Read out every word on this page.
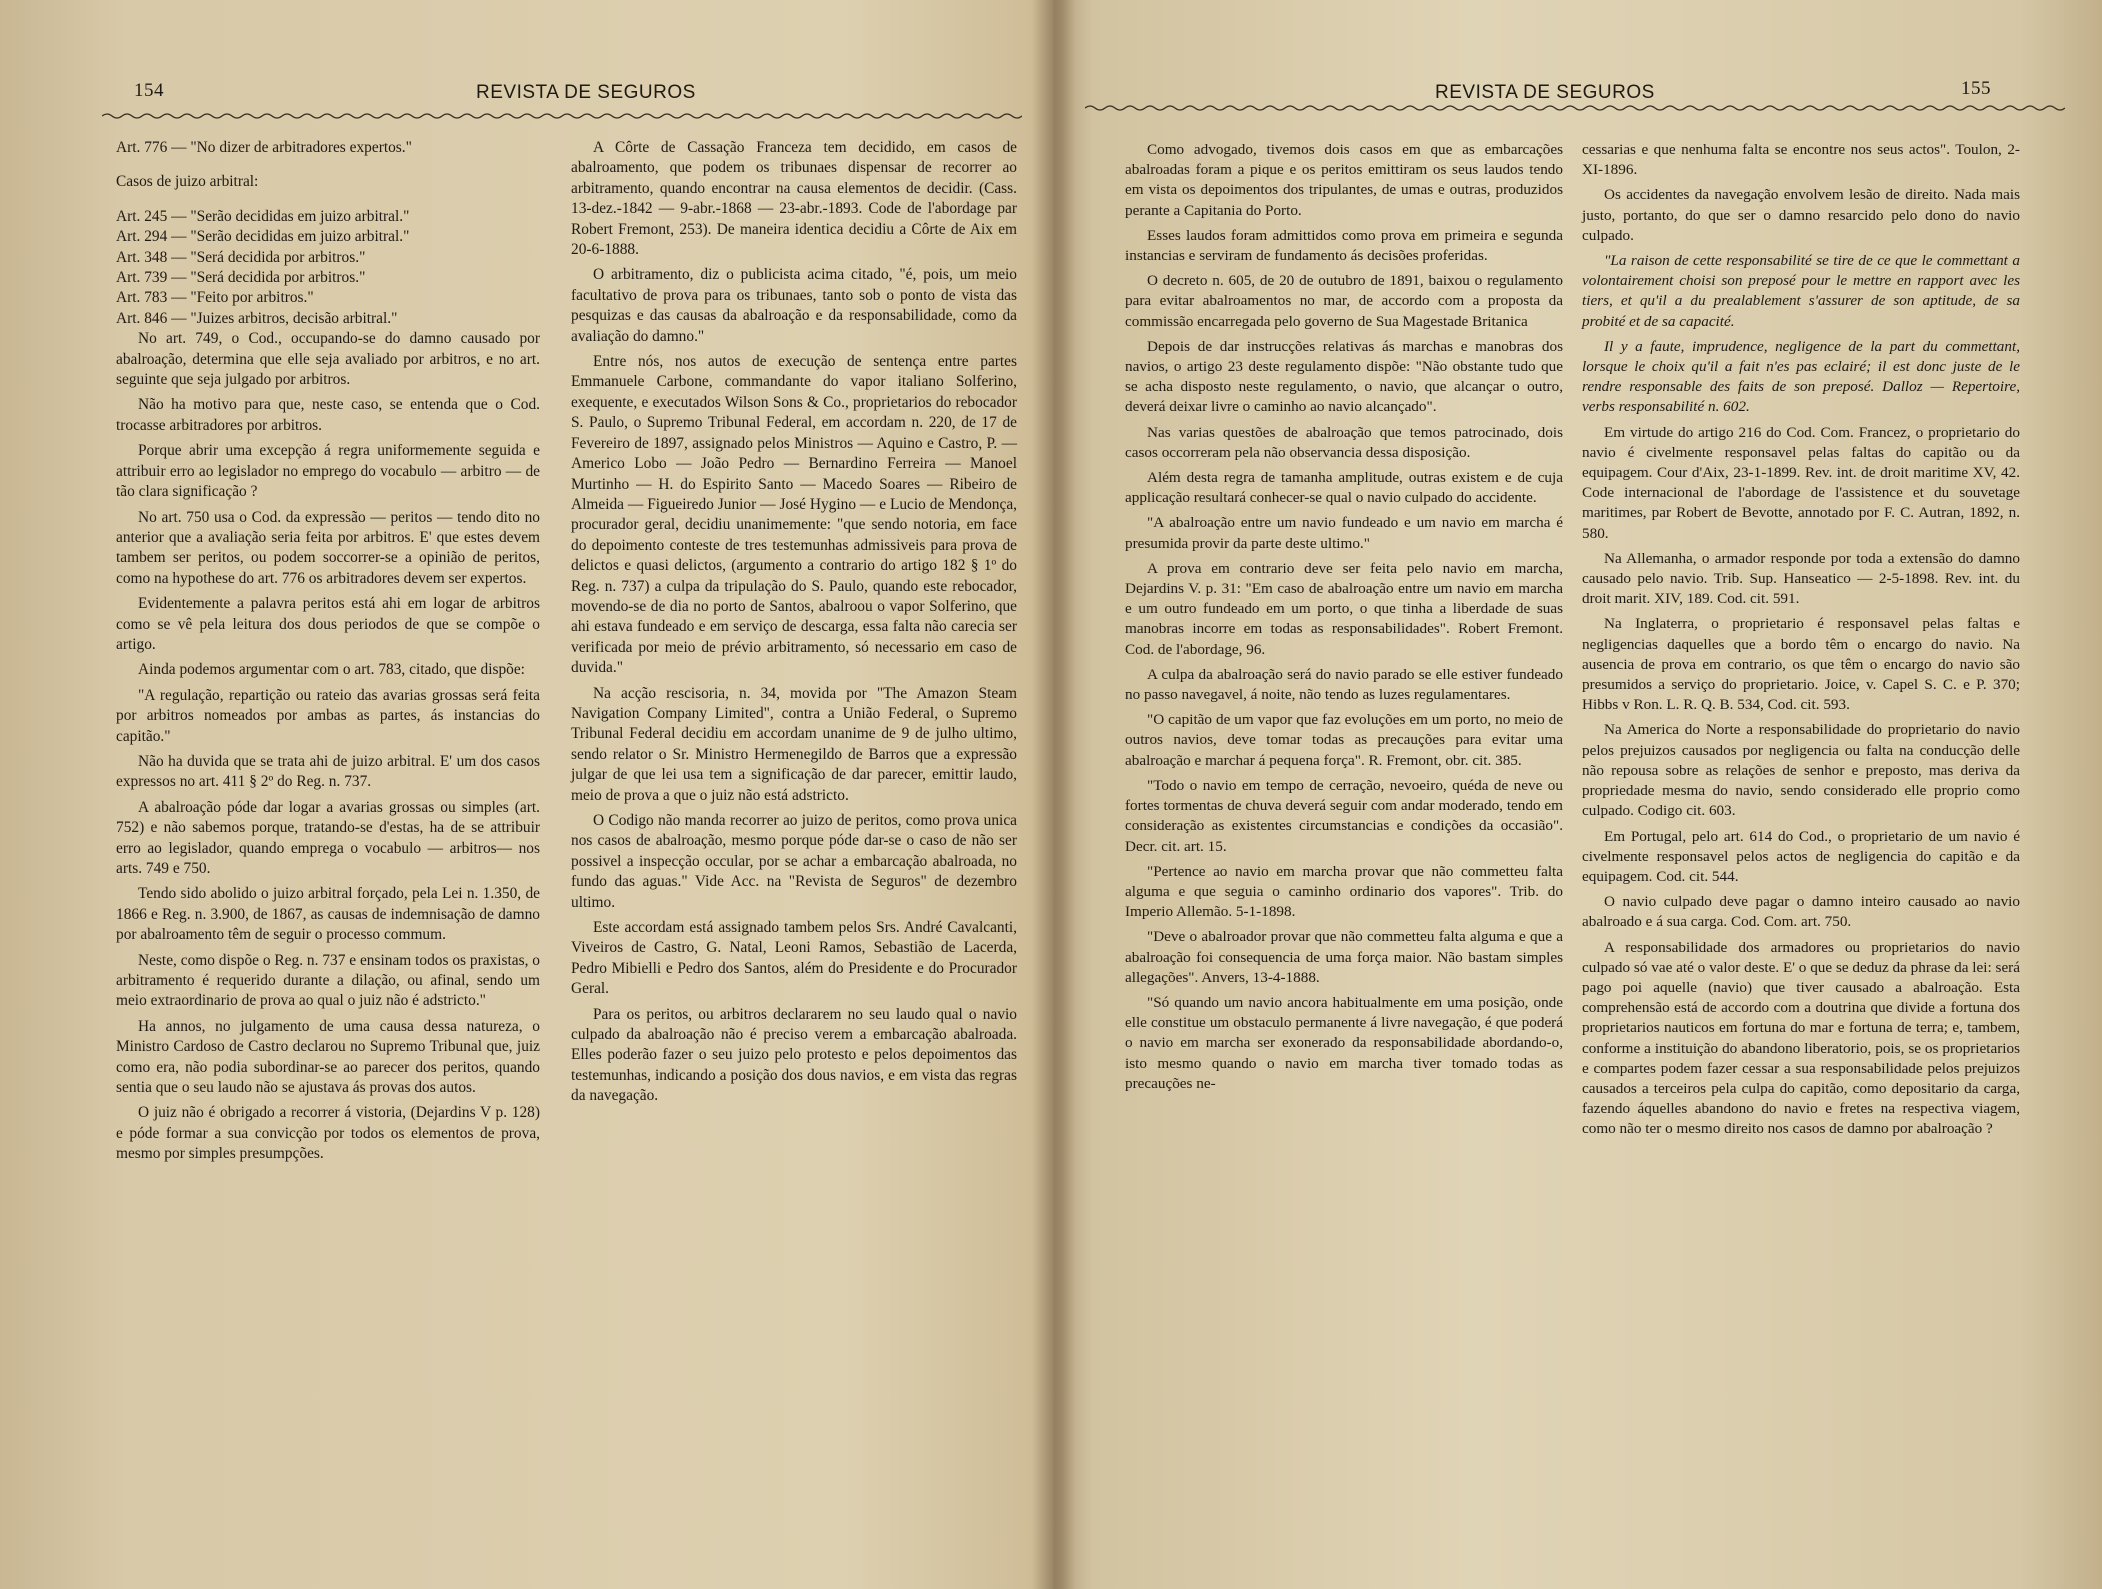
154	REVISTA DE SEGUROS

Art. 776 — "No dizer de arbitradores expertos."

Casos de juizo arbitral:

Art. 245 — "Serão decididas em juizo arbitral."

Art. 294 — "Serão decididas em juizo arbitral."

Art. 348 — "Será decidida por arbitros."

Art. 739 — "Será decidida por arbitros."

Art. 783 — "Feito por arbitros."

Art. 846 — "Juizes arbitros, decisão arbitral."

No art. 749, o Cod., occupando-se do damno causado por abalroação, determina que elle seja avaliado por arbitros, e no art. seguinte que seja julgado por arbitros.

Não ha motivo para que, neste caso, se entenda que o Cod. trocasse arbitradores por arbitros.

Porque abrir uma excepção á regra uniformemente seguida e attribuir erro ao legislador no emprego do vocabulo — arbitro — de tão clara significação ?

No art. 750 usa o Cod. da expressão — peritos — tendo dito no anterior que a avaliação seria feita por arbitros. E' que estes devem tambem ser peritos, ou podem soccorrer-se a opinião de peritos, como na hypothese do art. 776 os arbitradores devem ser expertos.

Evidentemente a palavra peritos está ahi em logar de arbitros como se vê pela leitura dos dous periodos de que se compõe o artigo.

Ainda podemos argumentar com o art. 783, citado, que dispõe:

"A regulação, repartição ou rateio das avarias grossas será feita por arbitros nomeados por ambas as partes, ás instancias do capitão."

Não ha duvida que se trata ahi de juizo arbitral. E' um dos casos expressos no art. 411 § 2º do Reg. n. 737.

A abalroação póde dar logar a avarias grossas ou simples (art. 752) e não sabemos porque, tratando-se d'estas, ha de se attribuir erro ao legislador, quando emprega o vocabulo — arbitros— nos arts. 749 e 750.

Tendo sido abolido o juizo arbitral forçado, pela Lei n. 1.350, de 1866 e Reg. n. 3.900, de 1867, as causas de indemnisação de damno por abalroamento têm de seguir o processo commum.

Neste, como dispõe o Reg. n. 737 e ensinam todos os praxistas, o arbitramento é requerido durante a dilação, ou afinal, sendo um meio extraordinario de prova ao qual o juiz não é adstricto."

Ha annos, no julgamento de uma causa dessa natureza, o Ministro Cardoso de Castro declarou no Supremo Tribunal que, juiz como era, não podia subordinar-se ao parecer dos peritos, quando sentia que o seu laudo não se ajustava ás provas dos autos.

O juiz não é obrigado a recorrer á vistoria, (Dejardins V p. 128) e póde formar a sua convicção por todos os elementos de prova, mesmo por simples presumpções.

A Côrte de Cassação Franceza tem decidido, em casos de abalroamento, que podem os tribunaes dispensar de recorrer ao arbitramento, quando encontrar na causa elementos de decidir. (Cass. 13-dez.-1842 — 9-abr.-1868 — 23-abr.-1893. Code de l'abordage par Robert Fremont, 253). De maneira identica decidiu a Côrte de Aix em 20-6-1888.

O arbitramento, diz o publicista acima citado, "é, pois, um meio facultativo de prova para os tribunaes, tanto sob o ponto de vista das pesquizas e das causas da abalroação e da responsabilidade, como da avaliação do damno."

Entre nós, nos autos de execução de sentença entre partes Emmanuele Carbone, commandante do vapor italiano Solferino, exequente, e executados Wilson Sons & Co., proprietarios do rebocador S. Paulo, o Supremo Tribunal Federal, em accordam n. 220, de 17 de Fevereiro de 1897, assignado pelos Ministros — Aquino e Castro, P. — Americo Lobo — João Pedro — Bernardino Ferreira — Manoel Murtinho — H. do Espirito Santo — Macedo Soares — Ribeiro de Almeida — Figueiredo Junior — José Hygino — e Lucio de Mendonça, procurador geral, decidiu unanimemente: "que sendo notoria, em face do depoimento conteste de tres testemunhas admissiveis para prova de delictos e quasi delictos, (argumento a contrario do artigo 182 § 1º do Reg. n. 737) a culpa da tripulação do S. Paulo, quando este rebocador, movendo-se de dia no porto de Santos, abalroou o vapor Solferino, que ahi estava fundeado e em serviço de descarga, essa falta não carecia ser verificada por meio de prévio arbitramento, só necessario em caso de duvida."

Na acção rescisoria, n. 34, movida por "The Amazon Steam Navigation Company Limited", contra a União Federal, o Supremo Tribunal Federal decidiu em accordam unanime de 9 de julho ultimo, sendo relator o Sr. Ministro Hermenegildo de Barros que a expressão julgar de que lei usa tem a significação de dar parecer, emittir laudo, meio de prova a que o juiz não está adstricto.

O Codigo não manda recorrer ao juizo de peritos, como prova unica nos casos de abalroação, mesmo porque póde dar-se o caso de não ser possivel a inspecção occular, por se achar a embarcação abalroada, no fundo das aguas." Vide Acc. na "Revista de Seguros" de dezembro ultimo.

Este accordam está assignado tambem pelos Srs. André Cavalcanti, Viveiros de Castro, G. Natal, Leoni Ramos, Sebastião de Lacerda, Pedro Mibielli e Pedro dos Santos, além do Presidente e do Procurador Geral.

Para os peritos, ou arbitros declararem no seu laudo qual o navio culpado da abalroação não é preciso verem a embarcação abalroada. Elles poderão fazer o seu juizo pelo protesto e pelos depoimentos das testemunhas, indicando a posição dos dous navios, e em vista das regras da navegação.

REVISTA DE SEGUROS	155

Como advogado, tivemos dois casos em que as embarcações abalroadas foram a pique e os peritos emittiram os seus laudos tendo em vista os depoimentos dos tripulantes, de umas e outras, produzidos perante a Capitania do Porto.

Esses laudos foram admittidos como prova em primeira e segunda instancias e serviram de fundamento ás decisões proferidas.

O decreto n. 605, de 20 de outubro de 1891, baixou o regulamento para evitar abalroamentos no mar, de accordo com a proposta da commissão encarregada pelo governo de Sua Magestade Britanica

Depois de dar instrucções relativas ás marchas e manobras dos navios, o artigo 23 deste regulamento dispõe: "Não obstante tudo que se acha disposto neste regulamento, o navio, que alcançar o outro, deverá deixar livre o caminho ao navio alcançado".

Nas varias questões de abalroação que temos patrocinado, dois casos occorreram pela não observancia dessa disposição.

Além desta regra de tamanha amplitude, outras existem e de cuja applicação resultará conhecer-se qual o navio culpado do accidente.

"A abalroação entre um navio fundeado e um navio em marcha é presumida provir da parte deste ultimo."

A prova em contrario deve ser feita pelo navio em marcha, Dejardins V. p. 31: "Em caso de abalroação entre um navio em marcha e um outro fundeado em um porto, o que tinha a liberdade de suas manobras incorre em todas as responsabilidades". Robert Fremont. Cod. de l'abordage, 96.

A culpa da abalroação será do navio parado se elle estiver fundeado no passo navegavel, á noite, não tendo as luzes regulamentares.

"O capitão de um vapor que faz evoluções em um porto, no meio de outros navios, deve tomar todas as precauções para evitar uma abalroação e marchar á pequena força". R. Fremont, obr. cit. 385.

"Todo o navio em tempo de cerração, nevoeiro, quéda de neve ou fortes tormentas de chuva deverá seguir com andar moderado, tendo em consideração as existentes circumstancias e condições da occasião". Decr. cit. art. 15.

"Pertence ao navio em marcha provar que não commetteu falta alguma e que seguia o caminho ordinario dos vapores". Trib. do Imperio Allemão. 5-1-1898.

"Deve o abalroador provar que não commetteu falta alguma e que a abalroação foi consequencia de uma força maior. Não bastam simples allegações". Anvers, 13-4-1888.

"Só quando um navio ancora habitualmente em uma posição, onde elle constitue um obstaculo permanente á livre navegação, é que poderá o navio em marcha ser exonerado da responsabilidade abordando-o, isto mesmo quando o navio em marcha tiver tomado todas as precauções ne-

cessarias e que nenhuma falta se encontre nos seus actos". Toulon, 2-XI-1896.

Os accidentes da navegação envolvem lesão de direito. Nada mais justo, portanto, do que ser o damno resarcido pelo dono do navio culpado.

"La raison de cette responsabilité se tire de ce que le commettant a volontairement choisi son preposé pour le mettre en rapport avec les tiers, et qu'il a du prealablement s'assurer de son aptitude, de sa probité et de sa capacité.

Il y a faute, imprudence, negligence de la part du commettant, lorsque le choix qu'il a fait n'es pas eclairé; il est donc juste de le rendre responsable des faits de son preposé. Dalloz — Repertoire, verbs responsabilité n. 602.

Em virtude do artigo 216 do Cod. Com. Francez, o proprietario do navio é civelmente responsavel pelas faltas do capitão ou da equipagem. Cour d'Aix, 23-1-1899. Rev. int. de droit maritime XV, 42. Code internacional de l'abordage de l'assistence et du souvetage maritimes, par Robert de Bevotte, annotado por F. C. Autran, 1892, n. 580.

Na Allemanha, o armador responde por toda a extensão do damno causado pelo navio. Trib. Sup. Hanseatico — 2-5-1898. Rev. int. du droit marit. XIV, 189. Cod. cit. 591.

Na Inglaterra, o proprietario é responsavel pelas faltas e negligencias daquelles que a bordo têm o encargo do navio. Na ausencia de prova em contrario, os que têm o encargo do navio são presumidos a serviço do proprietario. Joice, v. Capel S. C. e P. 370; Hibbs v Ron. L. R. Q. B. 534, Cod. cit. 593.

Na America do Norte a responsabilidade do proprietario do navio pelos prejuizos causados por negligencia ou falta na conducção delle não repousa sobre as relações de senhor e preposto, mas deriva da propriedade mesma do navio, sendo considerado elle proprio como culpado. Codigo cit. 603.

Em Portugal, pelo art. 614 do Cod., o proprietario de um navio é civelmente responsavel pelos actos de negligencia do capitão e da equipagem. Cod. cit. 544.

O navio culpado deve pagar o damno inteiro causado ao navio abalroado e á sua carga. Cod. Com. art. 750.

A responsabilidade dos armadores ou proprietarios do navio culpado só vae até o valor deste. E' o que se deduz da phrase da lei: será pago poi aquelle (navio) que tiver causado a abalroação. Esta comprehensão está de accordo com a doutrina que divide a fortuna dos proprietarios nauticos em fortuna do mar e fortuna de terra; e, tambem, conforme a instituição do abandono liberatorio, pois, se os proprietarios e compartes podem fazer cessar a sua responsabilidade pelos prejuizos causados a terceiros pela culpa do capitão, como depositario da carga, fazendo áquelles abandono do navio e fretes na respectiva viagem, como não ter o mesmo direito nos casos de damno por abalroação ?
